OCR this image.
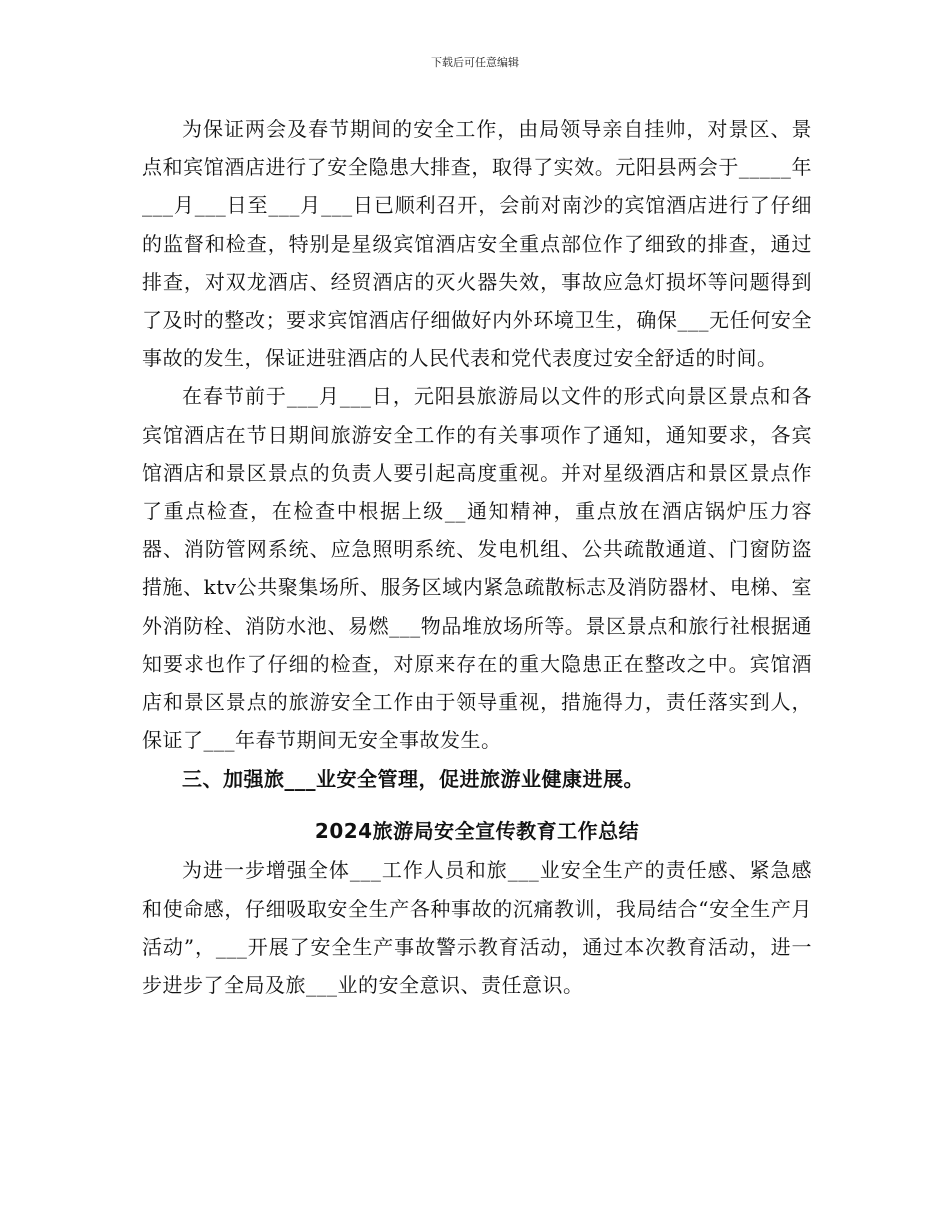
下载后可任意编辑

为保证两会及春节期间的安全工作，由局领导亲自挂帅，对景区、景点和宾馆酒店进行了安全隐患大排查，取得了实效。元阳县两会于_____年___月___日至___月___日已顺利召开，会前对南沙的宾馆酒店进行了仔细的监督和检查，特别是星级宾馆酒店安全重点部位作了细致的排查，通过排查，对双龙酒店、经贸酒店的灭火器失效，事故应急灯损坏等问题得到了及时的整改；要求宾馆酒店仔细做好内外环境卫生，确保___无任何安全事故的发生，保证进驻酒店的人民代表和党代表度过安全舒适的时间。

在春节前于___月___日，元阳县旅游局以文件的形式向景区景点和各宾馆酒店在节日期间旅游安全工作的有关事项作了通知，通知要求，各宾馆酒店和景区景点的负责人要引起高度重视。并对星级酒店和景区景点作了重点检查，在检查中根据上级__通知精神，重点放在酒店锅炉压力容器、消防管网系统、应急照明系统、发电机组、公共疏散通道、门窗防盗措施、ktv公共聚集场所、服务区域内紧急疏散标志及消防器材、电梯、室外消防栓、消防水池、易燃___物品堆放场所等。景区景点和旅行社根据通知要求也作了仔细的检查，对原来存在的重大隐患正在整改之中。宾馆酒店和景区景点的旅游安全工作由于领导重视，措施得力，责任落实到人，保证了___年春节期间无安全事故发生。

三、加强旅___业安全管理，促进旅游业健康进展。

2024旅游局安全宣传教育工作总结

为进一步增强全体___工作人员和旅___业安全生产的责任感、紧急感和使命感，仔细吸取安全生产各种事故的沉痛教训，我局结合“安全生产月活动”，___开展了安全生产事故警示教育活动，通过本次教育活动，进一步进步了全局及旅___业的安全意识、责任意识。
